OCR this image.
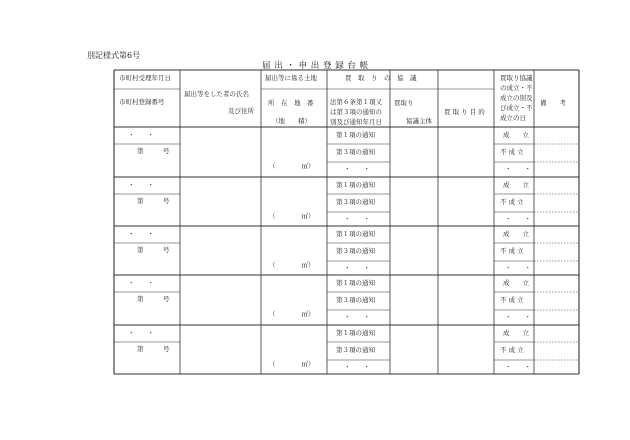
別記様式第6号
届 出 ・ 申 出 登 録 台 帳
市町村受理年月日
市町村登録番号
届出等をした者の氏名
及び住所
届出等に係る土地
所　在　地　番
（地　　積）
買　取　り　の　協　議
法第６条第１項又
は第３項の通知の
別及び通知年月日
買取り
協議主体
買 取 り 目 的
買取り協議
の成立・不
成立の別及
び成立・不
成立の日
備　　考
・　　・
第　　　号
（　　　　㎡）
第１項の通知
第３項の通知
・　　・
成　　立
不 成 立
・　　・
・　　・
第　　　号
（　　　　㎡）
第１項の通知
第３項の通知
・　　・
成　　立
不 成 立
・　　・
・　　・
第　　　号
（　　　　㎡）
第１項の通知
第３項の通知
・　　・
成　　立
不 成 立
・　　・
・　　・
第　　　号
（　　　　㎡）
第１項の通知
第３項の通知
・　　・
成　　立
不 成 立
・　　・
・　　・
第　　　号
（　　　　㎡）
第１項の通知
第３項の通知
・　　・
成　　立
不 成 立
・　　・
